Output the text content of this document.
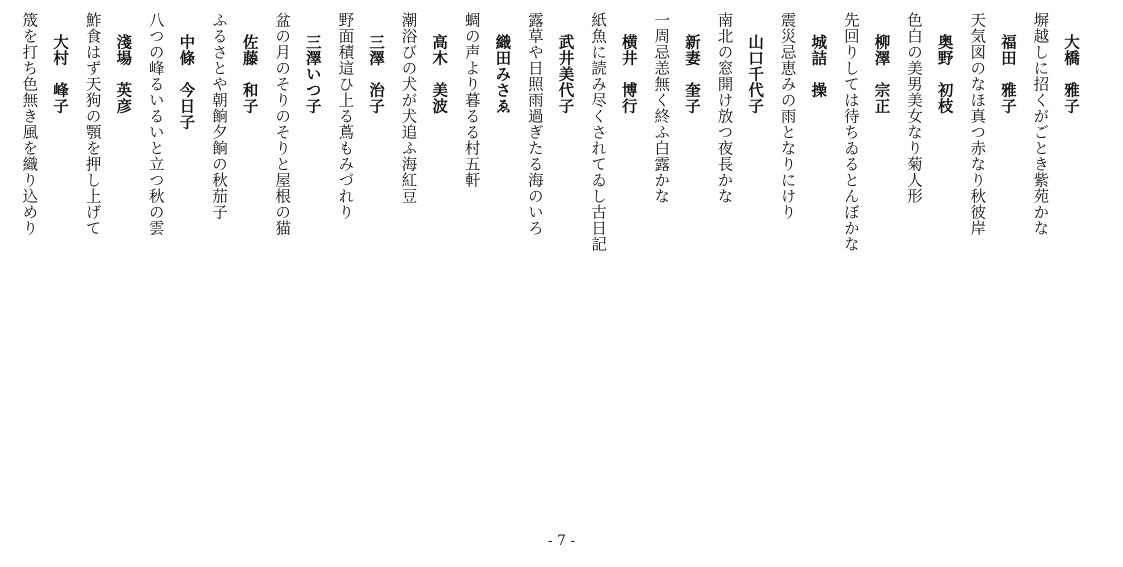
大橋　雅子
塀越しに招くがごとき紫苑かな
福田　雅子
天気図のなほ真つ赤なり秋彼岸
奥野　初枝
色白の美男美女なり菊人形
柳澤　宗正
先回りしては待ちゐるとんぼかな
城詰　操
震災忌恵みの雨となりにけり
山口千代子
南北の窓開け放つ夜長かな
新妻　奎子
一周忌恙無く終ふ白露かな
横井　博行
紙魚に読み尽くされてゐし古日記
武井美代子
露草や日照雨過ぎたる海のいろ
織田みさゑ
蜩の声より暮るる村五軒
高木　美波
潮浴びの犬が犬追ふ海紅豆
三澤　治子
野面積這ひ上る蔦もみづれり
三澤いつ子
盆の月のそりのそりと屋根の猫
佐藤　和子
ふるさとや朝餉夕餉の秋茄子
中條　今日子
八つの峰るいるいと立つ秋の雲
淺場　英彦
鮓食はず天狗の顎を押し上げて
大村　峰子
筬を打ち色無き風を織り込めり
- 7 -
